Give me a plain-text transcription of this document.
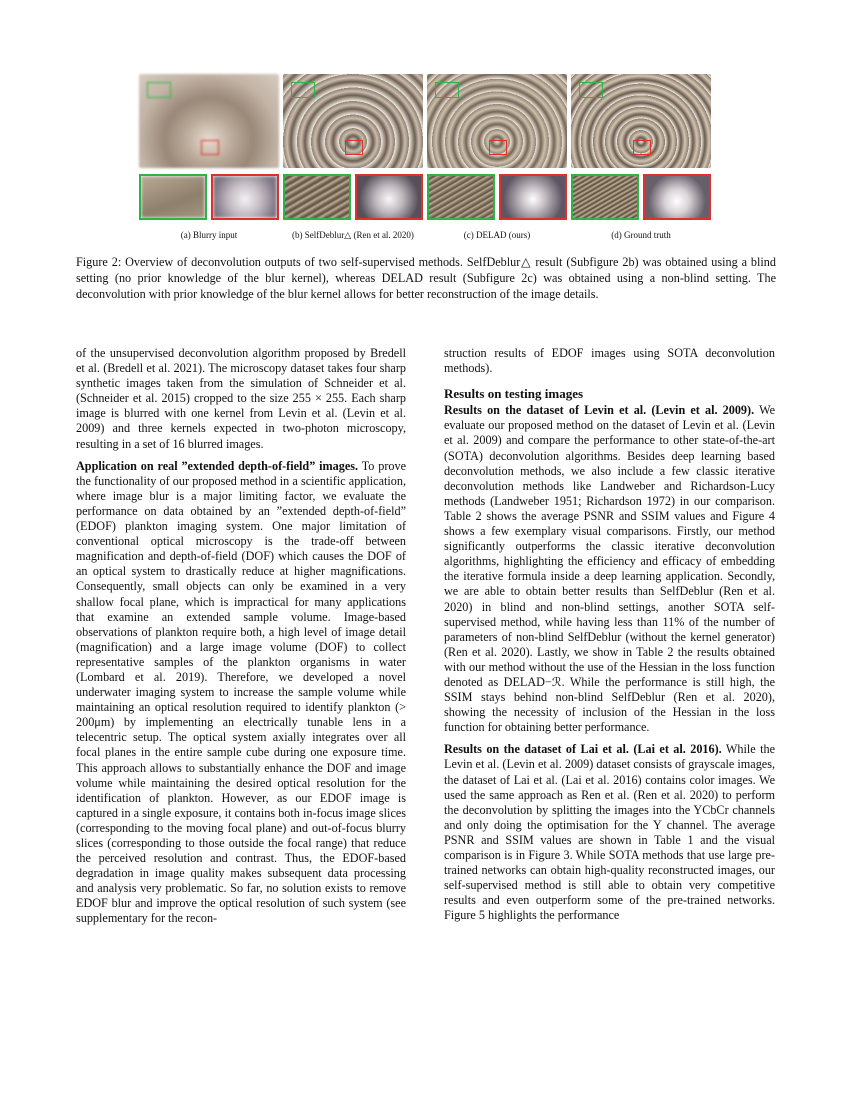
(a) Blurry input	(b) SelfDeblur△ (Ren et al. 2020)	(c) DELAD (ours)	(d) Ground truth
Figure 2: Overview of deconvolution outputs of two self-supervised methods. SelfDeblur△ result (Subfigure 2b) was obtained using a blind setting (no prior knowledge of the blur kernel), whereas DELAD result (Subfigure 2c) was obtained using a non-blind setting. The deconvolution with prior knowledge of the blur kernel allows for better reconstruction of the image details.

of the unsupervised deconvolution algorithm proposed by Bredell et al. (Bredell et al. 2021). The microscopy dataset takes four sharp synthetic images taken from the simulation of Schneider et al. (Schneider et al. 2015) cropped to the size 255 × 255. Each sharp image is blurred with one kernel from Levin et al. (Levin et al. 2009) and three kernels expected in two-photon microscopy, resulting in a set of 16 blurred images.

Application on real ”extended depth-of-field” images. To prove the functionality of our proposed method in a scientific application, where image blur is a major limiting factor, we evaluate the performance on data obtained by an ”extended depth-of-field” (EDOF) plankton imaging system. One major limitation of conventional optical microscopy is the trade-off between magnification and depth-of-field (DOF) which causes the DOF of an optical system to drastically reduce at higher magnifications. Consequently, small objects can only be examined in a very shallow focal plane, which is impractical for many applications that examine an extended sample volume. Image-based observations of plankton require both, a high level of image detail (magnification) and a large image volume (DOF) to collect representative samples of the plankton organisms in water (Lombard et al. 2019). Therefore, we developed a novel underwater imaging system to increase the sample volume while maintaining an optical resolution required to identify plankton (> 200μm) by implementing an electrically tunable lens in a telecentric setup. The optical system axially integrates over all focal planes in the entire sample cube during one exposure time. This approach allows to substantially enhance the DOF and image volume while maintaining the desired optical resolution for the identification of plankton. However, as our EDOF image is captured in a single exposure, it contains both in-focus image slices (corresponding to the moving focal plane) and out-of-focus blurry slices (corresponding to those outside the focal range) that reduce the perceived resolution and contrast. Thus, the EDOF-based degradation in image quality makes subsequent data processing and analysis very problematic. So far, no solution exists to remove EDOF blur and improve the optical resolution of such system (see supplementary for the recon-

struction results of EDOF images using SOTA deconvolution methods).

Results on testing images

Results on the dataset of Levin et al. (Levin et al. 2009). We evaluate our proposed method on the dataset of Levin et al. (Levin et al. 2009) and compare the performance to other state-of-the-art (SOTA) deconvolution algorithms. Besides deep learning based deconvolution methods, we also include a few classic iterative deconvolution methods like Landweber and Richardson-Lucy methods (Landweber 1951; Richardson 1972) in our comparison. Table 2 shows the average PSNR and SSIM values and Figure 4 shows a few exemplary visual comparisons. Firstly, our method significantly outperforms the classic iterative deconvolution algorithms, highlighting the efficiency and efficacy of embedding the iterative formula inside a deep learning application. Secondly, we are able to obtain better results than SelfDeblur (Ren et al. 2020) in blind and non-blind settings, another SOTA self-supervised method, while having less than 11% of the number of parameters of non-blind SelfDeblur (without the kernel generator) (Ren et al. 2020). Lastly, we show in Table 2 the results obtained with our method without the use of the Hessian in the loss function denoted as DELAD−ℛ. While the performance is still high, the SSIM stays behind non-blind SelfDeblur (Ren et al. 2020), showing the necessity of inclusion of the Hessian in the loss function for obtaining better performance.

Results on the dataset of Lai et al. (Lai et al. 2016). While the Levin et al. (Levin et al. 2009) dataset consists of grayscale images, the dataset of Lai et al. (Lai et al. 2016) contains color images. We used the same approach as Ren et al. (Ren et al. 2020) to perform the deconvolution by splitting the images into the YCbCr channels and only doing the optimisation for the Y channel. The average PSNR and SSIM values are shown in Table 1 and the visual comparison is in Figure 3. While SOTA methods that use large pre-trained networks can obtain high-quality reconstructed images, our self-supervised method is still able to obtain very competitive results and even outperform some of the pre-trained networks. Figure 5 highlights the performance
